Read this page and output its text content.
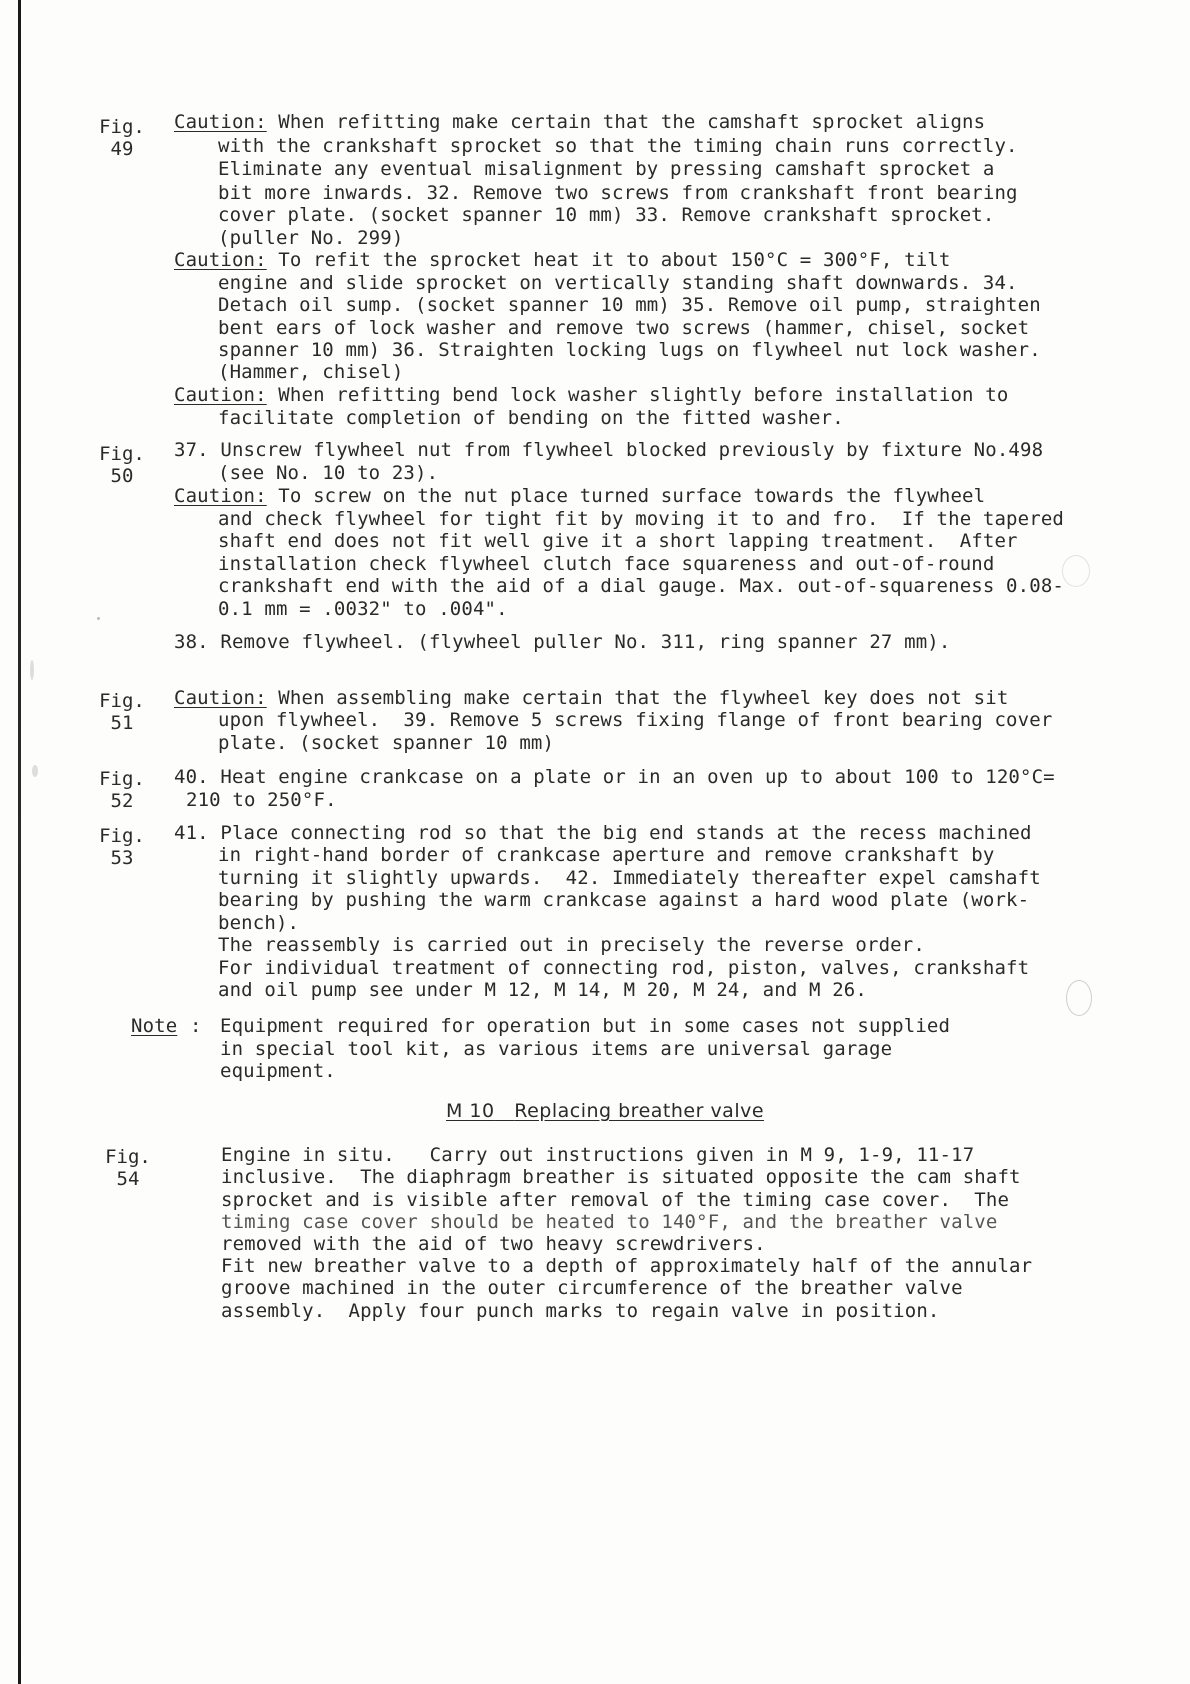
Fig.
49
Fig.
50
Fig.
51
Fig.
52
Fig.
53
Fig.
54
Caution: When refitting make certain that the camshaft sprocket aligns
with the crankshaft sprocket so that the timing chain runs correctly.
Eliminate any eventual misalignment by pressing camshaft sprocket a
bit more inwards. 32. Remove two screws from crankshaft front bearing
cover plate. (socket spanner 10 mm) 33. Remove crankshaft sprocket.
(puller No. 299)
Caution: To refit the sprocket heat it to about 150°C = 300°F, tilt
engine and slide sprocket on vertically standing shaft downwards. 34.
Detach oil sump. (socket spanner 10 mm) 35. Remove oil pump, straighten
bent ears of lock washer and remove two screws (hammer, chisel, socket
spanner 10 mm) 36. Straighten locking lugs on flywheel nut lock washer.
(Hammer, chisel)
Caution: When refitting bend lock washer slightly before installation to
facilitate completion of bending on the fitted washer.
37. Unscrew flywheel nut from flywheel blocked previously by fixture No.498
(see No. 10 to 23).
Caution: To screw on the nut place turned surface towards the flywheel
and check flywheel for tight fit by moving it to and fro.  If the tapered
shaft end does not fit well give it a short lapping treatment.  After
installation check flywheel clutch face squareness and out-of-round
crankshaft end with the aid of a dial gauge. Max. out-of-squareness 0.08-
0.1 mm = .0032" to .004".
38. Remove flywheel. (flywheel puller No. 311, ring spanner 27 mm).
Caution: When assembling make certain that the flywheel key does not sit
upon flywheel.  39. Remove 5 screws fixing flange of front bearing cover
plate. (socket spanner 10 mm)
40. Heat engine crankcase on a plate or in an oven up to about 100 to 120°C=
210 to 250°F.
41. Place connecting rod so that the big end stands at the recess machined
in right-hand border of crankcase aperture and remove crankshaft by
turning it slightly upwards.  42. Immediately thereafter expel camshaft
bearing by pushing the warm crankcase against a hard wood plate (work-
bench).
The reassembly is carried out in precisely the reverse order.
For individual treatment of connecting rod, piston, valves, crankshaft
and oil pump see under M 12, M 14, M 20, M 24, and M 26.
Note : Equipment required for operation but in some cases not supplied
in special tool kit, as various items are universal garage
equipment.
M 10 Replacing breather valve
Engine in situ.   Carry out instructions given in M 9, 1-9, 11-17
inclusive.  The diaphragm breather is situated opposite the cam shaft
sprocket and is visible after removal of the timing case cover.  The
timing case cover should be heated to 140°F, and the breather valve
removed with the aid of two heavy screwdrivers.
Fit new breather valve to a depth of approximately half of the annular
groove machined in the outer circumference of the breather valve
assembly.  Apply four punch marks to regain valve in position.
